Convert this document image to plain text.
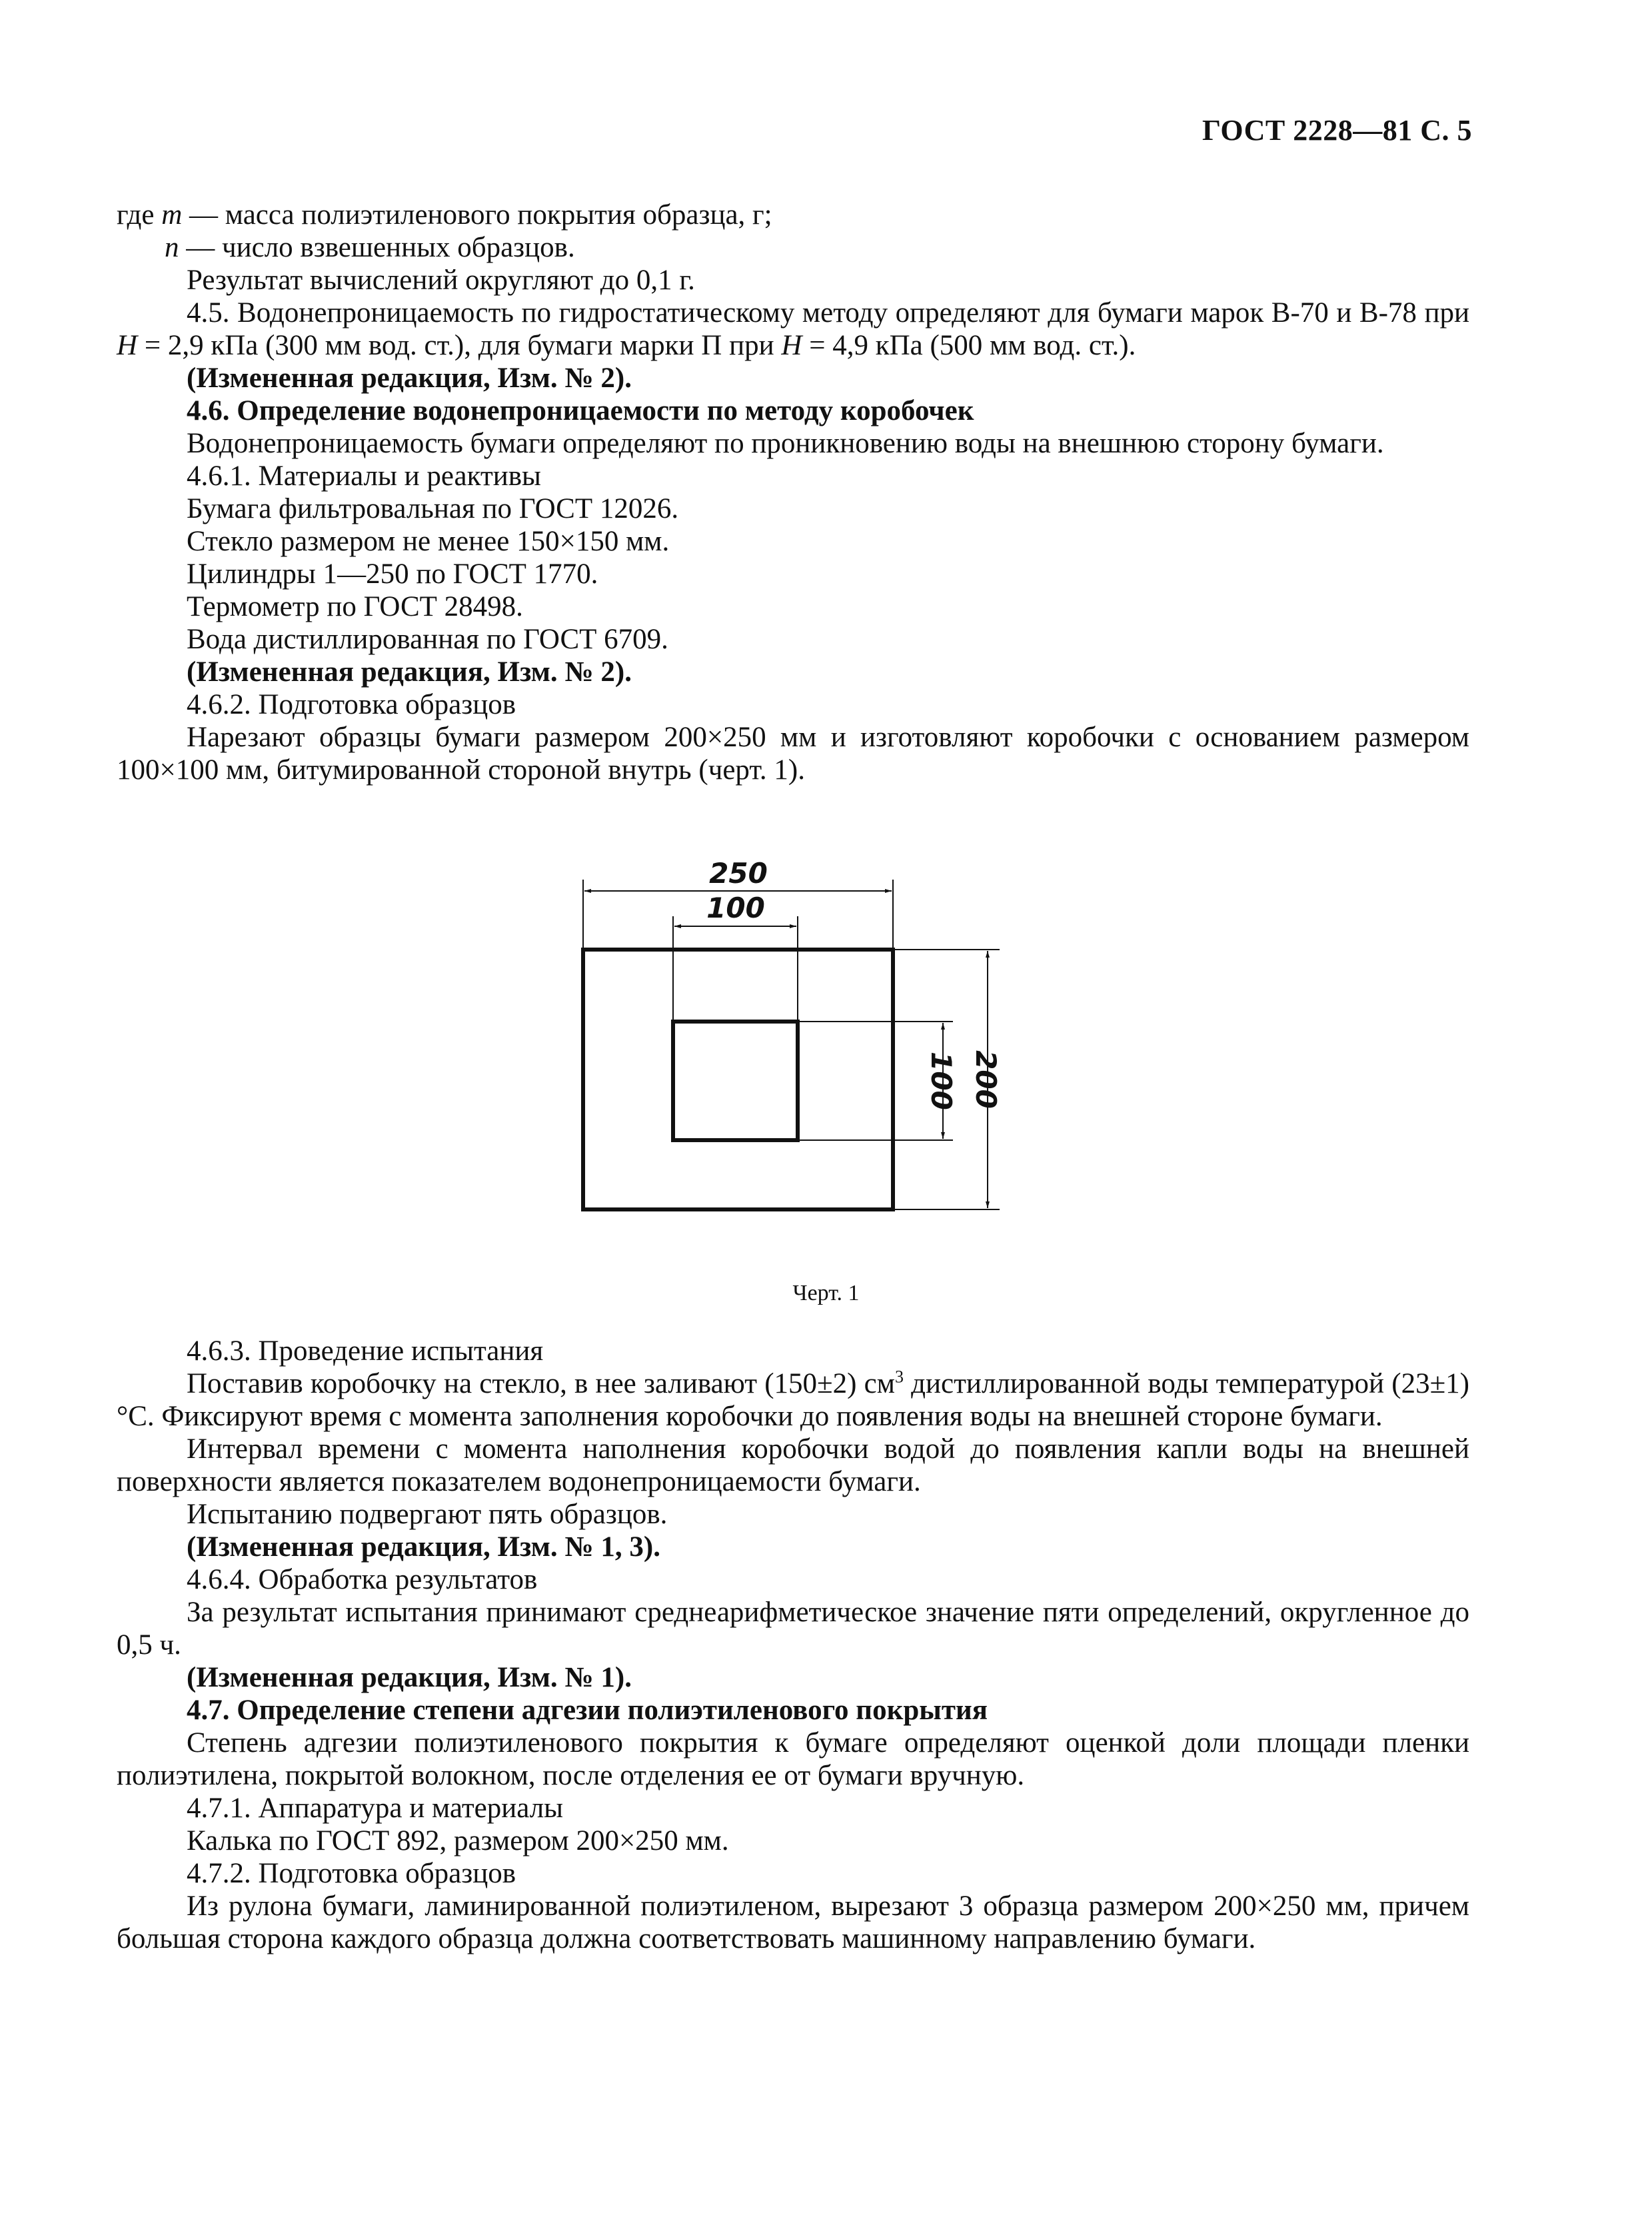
ГОСТ 2228—81 С. 5

где m — масса полиэтиленового покрытия образца, г;

n — число взвешенных образцов.

Результат вычислений округляют до 0,1 г.

4.5. Водонепроницаемость по гидростатическому методу определяют для бумаги марок В-70 и В-78 при H = 2,9 кПа (300 мм вод. ст.), для бумаги марки П при H = 4,9 кПа (500 мм вод. ст.).

(Измененная редакция, Изм. № 2).

4.6. Определение водонепроницаемости по методу коробочек

Водонепроницаемость бумаги определяют по проникновению воды на внешнюю сторону бумаги.

4.6.1. Материалы и реактивы

Бумага фильтровальная по ГОСТ 12026.

Стекло размером не менее 150×150 мм.

Цилиндры 1—250 по ГОСТ 1770.

Термометр по ГОСТ 28498.

Вода дистиллированная по ГОСТ 6709.

(Измененная редакция, Изм. № 2).

4.6.2. Подготовка образцов

Нарезают образцы бумаги размером 200×250 мм и изготовляют коробочки с основанием размером 100×100 мм, битумированной стороной внутрь (черт. 1).

250
100
100 200
Черт. 1

4.6.3. Проведение испытания

Поставив коробочку на стекло, в нее заливают (150±2) $см^3$ дистиллированной воды температурой (23±1) °С. Фиксируют время с момента заполнения коробочки до появления воды на внешней стороне бумаги.

Интервал времени с момента наполнения коробочки водой до появления капли воды на внешней поверхности является показателем водонепроницаемости бумаги.

Испытанию подвергают пять образцов.

(Измененная редакция, Изм. № 1, 3).

4.6.4. Обработка результатов

За результат испытания принимают среднеарифметическое значение пяти определений, округленное до 0,5 ч.

(Измененная редакция, Изм. № 1).

4.7. Определение степени адгезии полиэтиленового покрытия

Степень адгезии полиэтиленового покрытия к бумаге определяют оценкой доли площади пленки полиэтилена, покрытой волокном, после отделения ее от бумаги вручную.

4.7.1. Аппаратура и материалы

Калька по ГОСТ 892, размером 200×250 мм.

4.7.2. Подготовка образцов

Из рулона бумаги, ламинированной полиэтиленом, вырезают 3 образца размером 200×250 мм, причем большая сторона каждого образца должна соответствовать машинному направлению бумаги.
